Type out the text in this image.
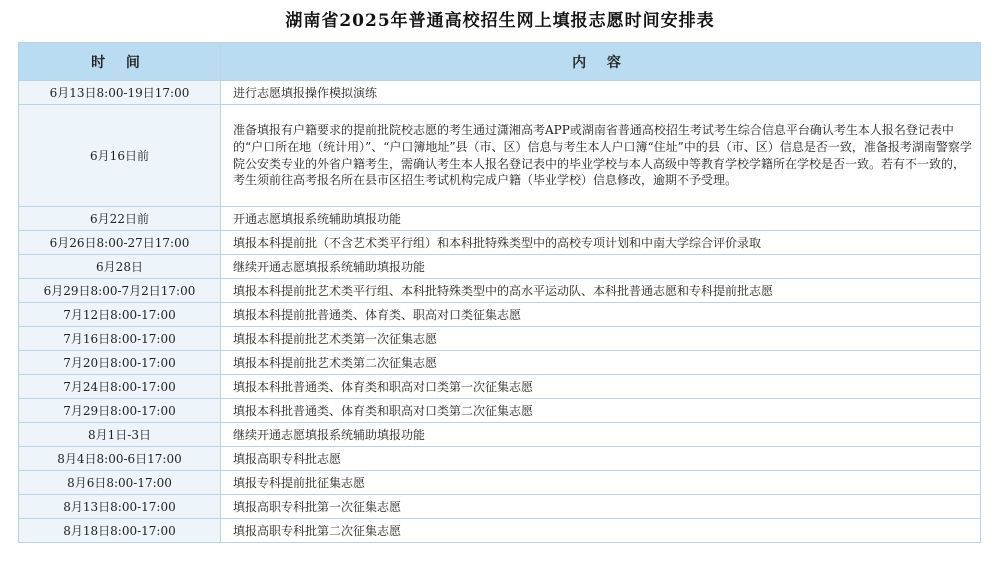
湖南省2025年普通高校招生网上填报志愿时间安排表
时 间	内 容
6月13日8:00-19日17:00	进行志愿填报操作模拟演练
6月16日前	准备填报有户籍要求的提前批院校志愿的考生通过潇湘高考APP或湖南省普通高校招生考试考生综合信息平台确认考生本人报名登记表中的“户口所在地（统计用）”、“户口簿地址”县（市、区）信息与考生本人户口簿“住址”中的县（市、区）信息是否一致，准备报考湖南警察学院公安类专业的外省户籍考生，需确认考生本人报名登记表中的毕业学校与本人高级中等教育学校学籍所在学校是否一致。若有不一致的，考生须前往高考报名所在县市区招生考试机构完成户籍（毕业学校）信息修改，逾期不予受理。
6月22日前	开通志愿填报系统辅助填报功能
6月26日8:00-27日17:00	填报本科提前批（不含艺术类平行组）和本科批特殊类型中的高校专项计划和中南大学综合评价录取
6月28日	继续开通志愿填报系统辅助填报功能
6月29日8:00-7月2日17:00	填报本科提前批艺术类平行组、本科批特殊类型中的高水平运动队、本科批普通志愿和专科提前批志愿
7月12日8:00-17:00	填报本科提前批普通类、体育类、职高对口类征集志愿
7月16日8:00-17:00	填报本科提前批艺术类第一次征集志愿
7月20日8:00-17:00	填报本科提前批艺术类第二次征集志愿
7月24日8:00-17:00	填报本科批普通类、体育类和职高对口类第一次征集志愿
7月29日8:00-17:00	填报本科批普通类、体育类和职高对口类第二次征集志愿
8月1日-3日	继续开通志愿填报系统辅助填报功能
8月4日8:00-6日17:00	填报高职专科批志愿
8月6日8:00-17:00	填报专科提前批征集志愿
8月13日8:00-17:00	填报高职专科批第一次征集志愿
8月18日8:00-17:00	填报高职专科批第二次征集志愿
